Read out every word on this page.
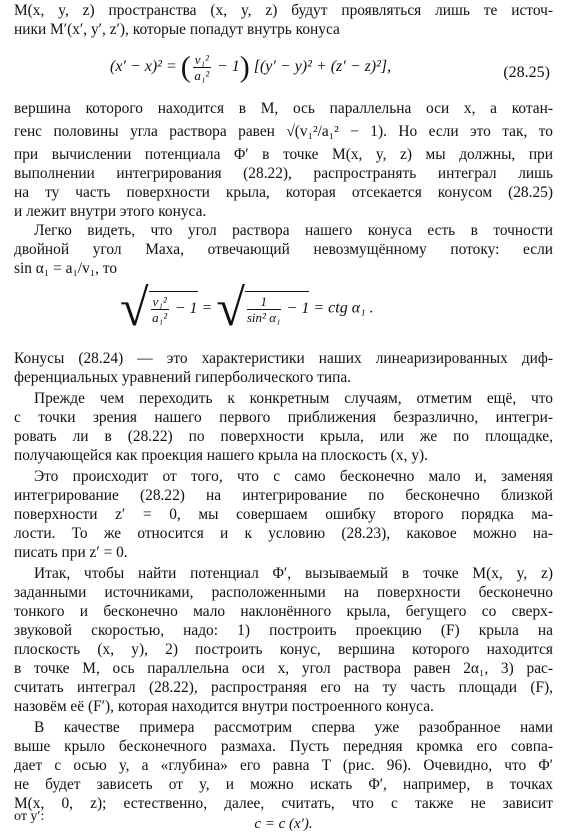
M(x, y, z) пространства (x, y, z) будут проявляться лишь те источ-
ники M′(x′, y′, z′), которые попадут внутрь конуса
(x′ − x)² = ( $\frac{\text{v₁²}}{\text{a₁²}} - 1$) [(y′ − y)² + (z′ − z)²],	(28.25)
вершина которого находится в M, ось параллельна оси x, а котан-
генс половины угла раствора равен √(v₁²/a₁² − 1). Но если это так, то
при вычислении потенциала Φ′ в точке M(x, y, z) мы должны, при
выполнении интегрирования (28.22), распространять интеграл лишь
на ту часть поверхности крыла, которая отсекается конусом (28.25)
и лежит внутри этого конуса.
Легко видеть, что угол раствора нашего конуса есть в точности
двойной угол Маха, отвечающий невозмущённому потоку: если
sin α₁ = a₁/v₁, то
√ $\frac{\text{v₁²}}{\text{a₁²}} - 1$ = √ $\frac{1}{\text{sin² α₁}} - 1$ = ctg α₁ .
Конусы (28.24) — это характеристики наших линеаризированных диф-
ференциальных уравнений гиперболического типа.
Прежде чем переходить к конкретным случаям, отметим ещё, что
с точки зрения нашего первого приближения безразлично, интегри-
ровать ли в (28.22) по поверхности крыла, или же по площадке,
получающейся как проекция нашего крыла на плоскость (x, y).
Это происходит от того, что c само бесконечно мало и, заменяя
интегрирование (28.22) на интегрирование по бесконечно близкой
поверхности z′ = 0, мы совершаем ошибку второго порядка ма-
лости. То же относится и к условию (28.23), каковое можно на-
писать при z′ = 0.
Итак, чтобы найти потенциал Φ′, вызываемый в точке M(x, y, z)
заданными источниками, расположенными на поверхности бесконечно
тонкого и бесконечно мало наклонённого крыла, бегущего со сверх-
звуковой скоростью, надо: 1) построить проекцию (F) крыла на
плоскость (x, y), 2) построить конус, вершина которого находится
в точке M, ось параллельна оси x, угол раствора равен 2α₁, 3) рас-
считать интеграл (28.22), распространяя его на ту часть площади (F),
назовём её (F′), которая находится внутри построенного конуса.
В качестве примера рассмотрим сперва уже разобранное нами
выше крыло бесконечного размаха. Пусть передняя кромка его совпа-
дает с осью y, а «глубина» его равна T (рис. 96). Очевидно, что Φ′
не будет зависеть от y, и можно искать Φ′, например, в точках
M(x, 0, z); естественно, далее, считать, что c также не зависит
от y′:	c = c (x′).
